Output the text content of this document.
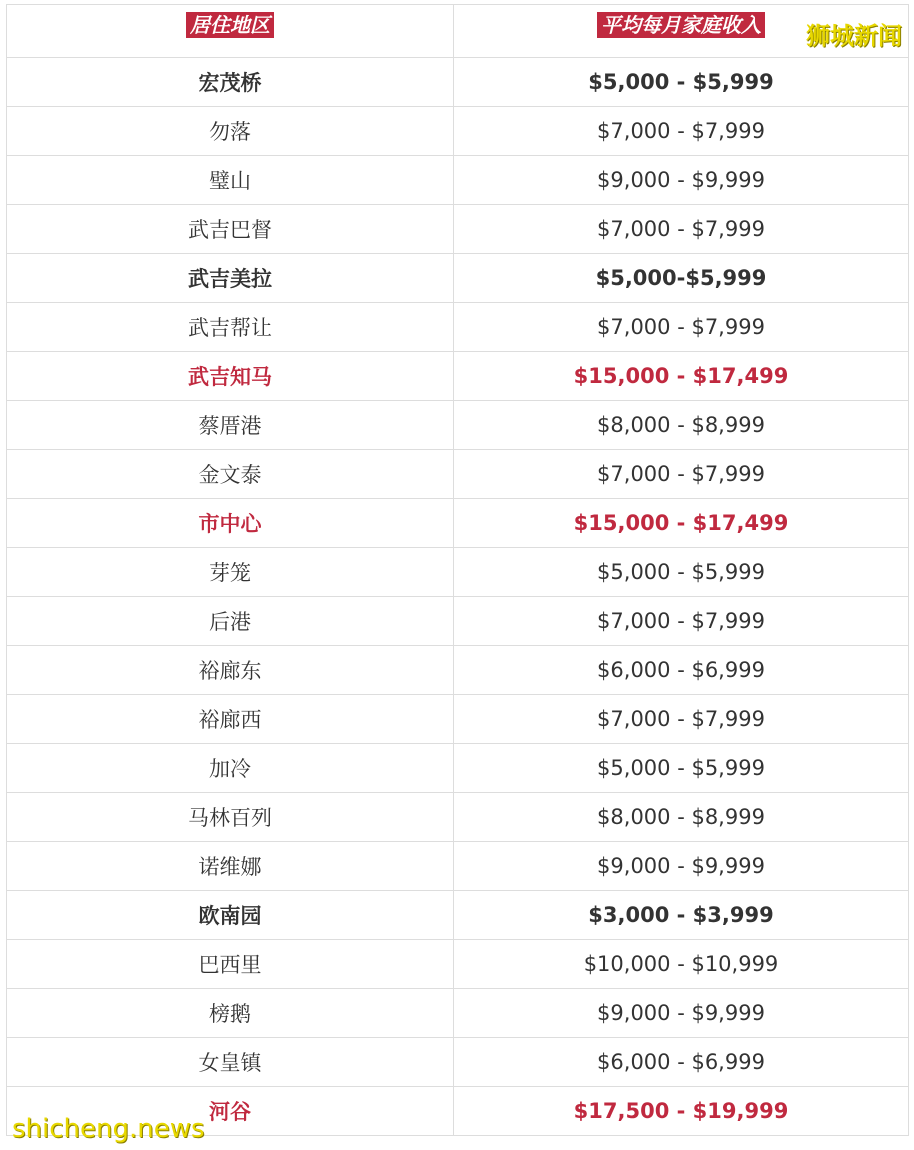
居住地区	平均每月家庭收入
宏茂桥	$5,000 - $5,999
勿落	$7,000 - $7,999
璧山	$9,000 - $9,999
武吉巴督	$7,000 - $7,999
武吉美拉	$5,000-$5,999
武吉帮让	$7,000 - $7,999
武吉知马	$15,000 - $17,499
蔡厝港	$8,000 - $8,999
金文泰	$7,000 - $7,999
市中心	$15,000 - $17,499
芽笼	$5,000 - $5,999
后港	$7,000 - $7,999
裕廊东	$6,000 - $6,999
裕廊西	$7,000 - $7,999
加冷	$5,000 - $5,999
马林百列	$8,000 - $8,999
诺维娜	$9,000 - $9,999
欧南园	$3,000 - $3,999
巴西里	$10,000 - $10,999
榜鹅	$9,000 - $9,999
女皇镇	$6,000 - $6,999
河谷	$17,500 - $19,999
狮城新闻
shicheng.news
